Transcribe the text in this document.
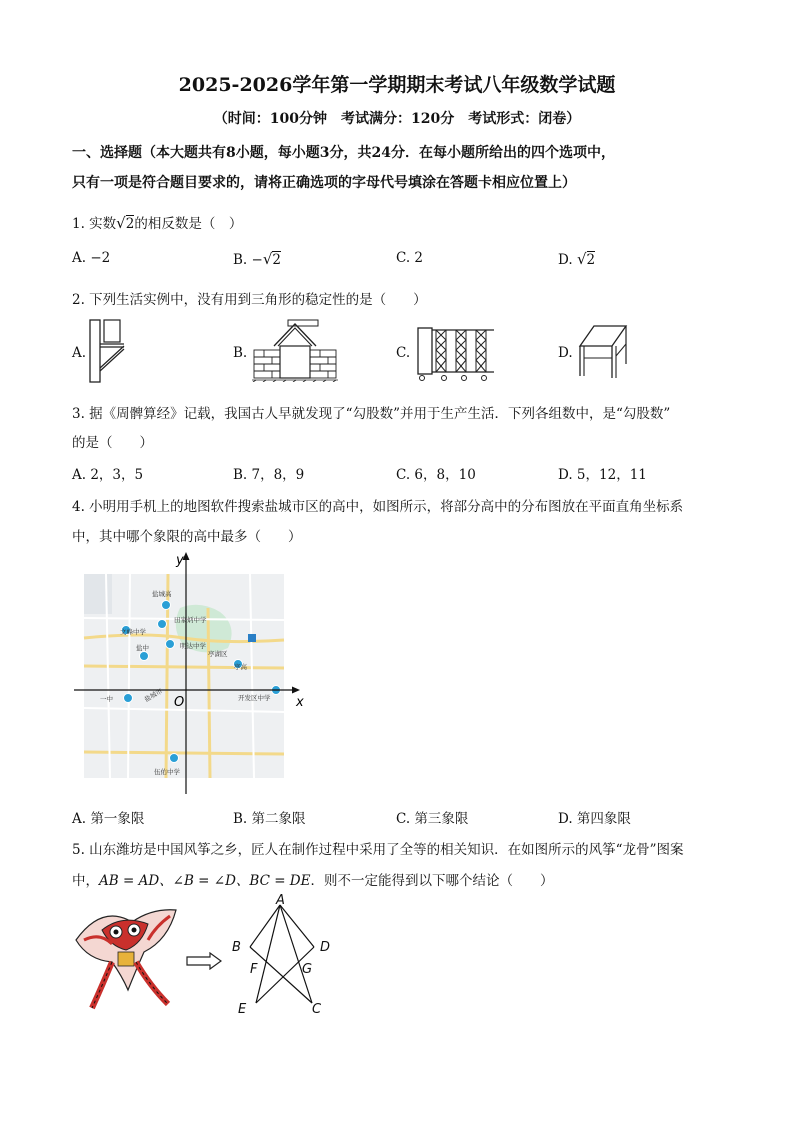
2025-2026学年第一学期期末考试八年级数学试题
（时间：100分钟　考试满分：120分　考试形式：闭卷）
一、选择题（本大题共有8小题，每小题3分，共24分．在每小题所给出的四个选项中，
只有一项是符合题目要求的，请将正确选项的字母代号填涂在答题卡相应位置上）
1. 实数√2的相反数是（　）
A. −2	B. −√2	C. 2	D. √2
2. 下列生活实例中，没有用到三角形的稳定性的是（　　）
A.	B.	C.	D.
3. 据《周髀算经》记载，我国古人早就发现了“勾股数”并用于生产生活．下列各组数中，是“勾股数”
的是（　　）
A. 2，3，5	B. 7，8，9	C. 6，8，10	D. 5，12，11
4. 小明用手机上的地图软件搜索盐城市区的高中，如图所示，将部分高中的分布图放在平面直角坐标系
中，其中哪个象限的高中最多（　　）
盐城高
田家炳中学
文峰中学
明达中学
盐中
亭湖区
亭高
盐城市
一中	开发区中学
伍佑中学
x
y
O
A. 第一象限	B. 第二象限	C. 第三象限	D. 第四象限
5. 山东潍坊是中国风筝之乡，匠人在制作过程中采用了全等的相关知识．在如图所示的风筝“龙骨”图案
中，AB = AD、∠B = ∠D、BC = DE．则不一定能得到以下哪个结论（　　）
A
B	D
F	G
E	C
